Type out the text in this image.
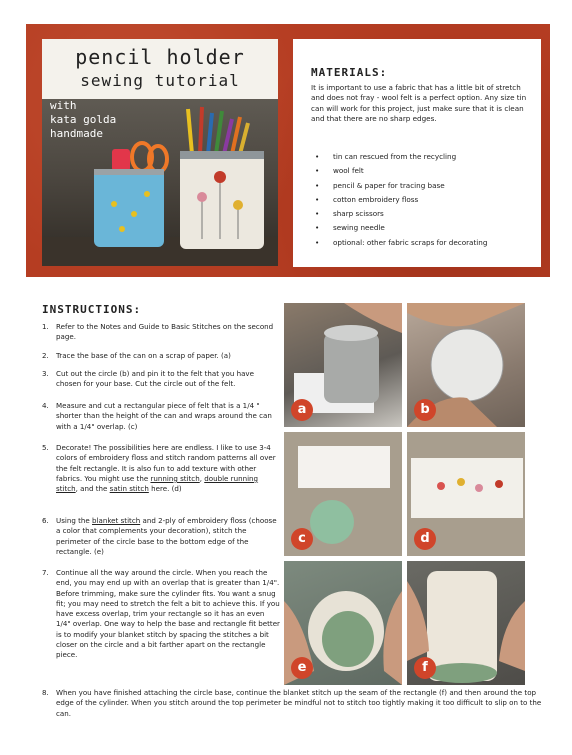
pencil holder
sewing tutorial
with
kata golda
handmade
MATERIALS:
It is important to use a fabric that has a little bit of stretch and does not fray - wool felt is a perfect option. Any size tin can will work for this project, just make sure that it is clean and that there are no sharp edges.
• tin can rescued from the recycling
• wool felt
• pencil & paper for tracing base
• cotton embroidery floss
• sharp scissors
• sewing needle
• optional: other fabric scraps for decorating
INSTRUCTIONS:
1. Refer to the Notes and Guide to Basic Stitches on the second page.
2. Trace the base of the can on a scrap of paper. (a)
3. Cut out the circle (b) and pin it to the felt that you have chosen for your base. Cut the circle out of the felt.
4. Measure and cut a rectangular piece of felt that is a 1/4 " shorter than the height of the can and wraps around the can with a 1/4" overlap. (c)
5. Decorate! The possibilities here are endless. I like to use 3-4 colors of embroidery floss and stitch random patterns all over the felt rectangle. It is also fun to add texture with other fabrics. You might use the running stitch, double running stitch, and the satin stitch here. (d)
6. Using the blanket stitch and 2-ply of embroidery floss (choose a color that complements your decoration), stitch the perimeter of the circle base to the bottom edge of the rectangle. (e)
7. Continue all the way around the circle. When you reach the end, you may end up with an overlap that is greater than 1/4". Before trimming, make sure the cylinder fits. You want a snug fit; you may need to stretch the felt a bit to achieve this. If you have excess overlap, trim your rectangle so it has an even 1/4" overlap. One way to help the base and rectangle fit better is to modify your blanket stitch by spacing the stitches a bit closer on the circle and a bit farther apart on the rectangle piece.
8. When you have finished attaching the circle base, continue the blanket stitch up the seam of the rectangle (f) and then around the top edge of the cylinder. When you stitch around the top perimeter be mindful not to stitch too tightly making it too difficult to slip on to the can.
a	b
c	d
e	f
